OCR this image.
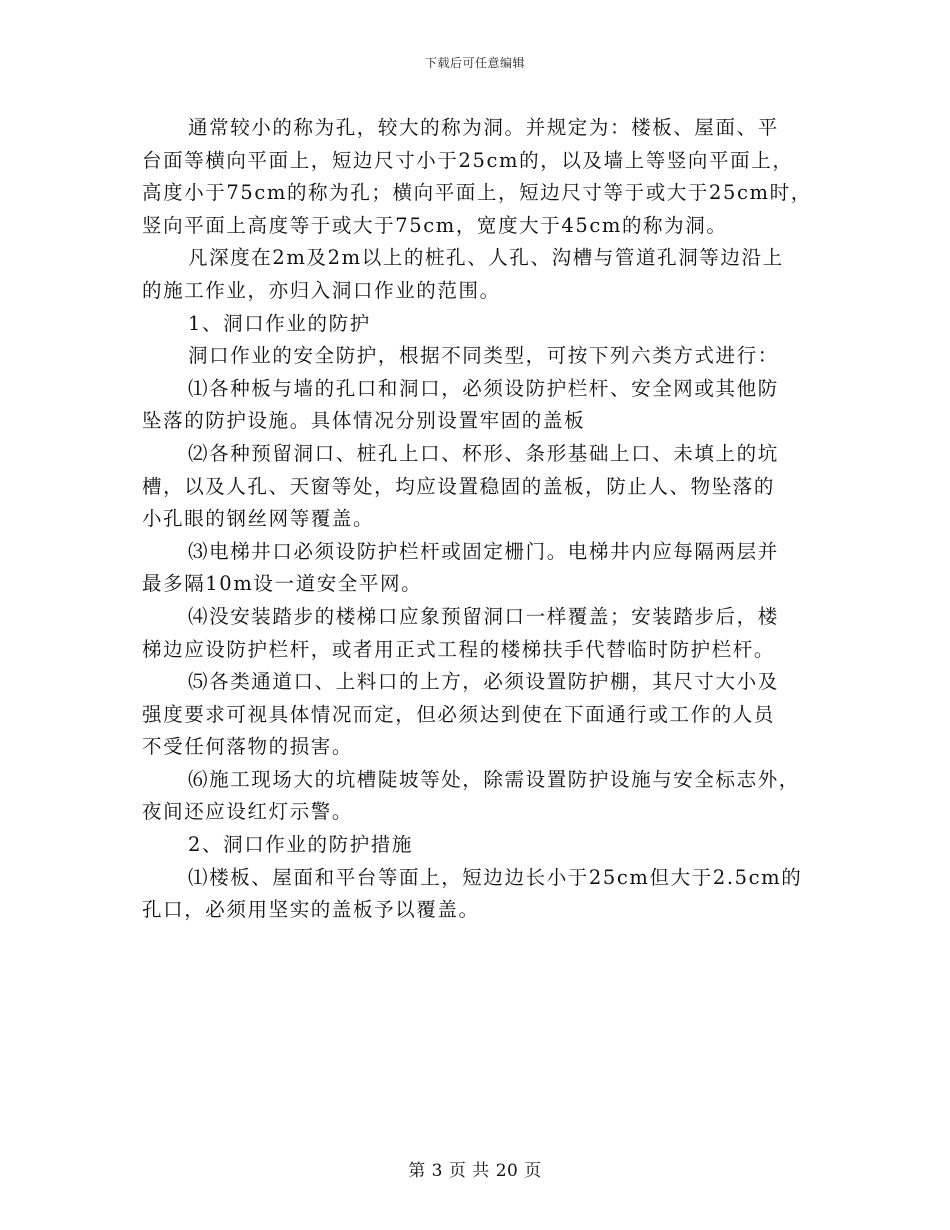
下载后可任意编辑
通常较小的称为孔，较大的称为洞。并规定为：楼板、屋面、平
台面等横向平面上，短边尺寸小于25cm的，以及墙上等竖向平面上，
高度小于75cm的称为孔；横向平面上，短边尺寸等于或大于25cm时，
竖向平面上高度等于或大于75cm，宽度大于45cm的称为洞。
凡深度在2m及2m以上的桩孔、人孔、沟槽与管道孔洞等边沿上
的施工作业，亦归入洞口作业的范围。
1、洞口作业的防护
洞口作业的安全防护，根据不同类型，可按下列六类方式进行：
⑴各种板与墙的孔口和洞口，必须设防护栏杆、安全网或其他防
坠落的防护设施。具体情况分别设置牢固的盖板
⑵各种预留洞口、桩孔上口、杯形、条形基础上口、未填上的坑
槽，以及人孔、天窗等处，均应设置稳固的盖板，防止人、物坠落的
小孔眼的钢丝网等覆盖。
⑶电梯井口必须设防护栏杆或固定栅门。电梯井内应每隔两层并
最多隔10m设一道安全平网。
⑷没安装踏步的楼梯口应象预留洞口一样覆盖；安装踏步后，楼
梯边应设防护栏杆，或者用正式工程的楼梯扶手代替临时防护栏杆。
⑸各类通道口、上料口的上方，必须设置防护棚，其尺寸大小及
强度要求可视具体情况而定，但必须达到使在下面通行或工作的人员
不受任何落物的损害。
⑹施工现场大的坑槽陡坡等处，除需设置防护设施与安全标志外，
夜间还应设红灯示警。
2、洞口作业的防护措施
⑴楼板、屋面和平台等面上，短边边长小于25cm但大于2.5cm的
孔口，必须用坚实的盖板予以覆盖。
第 3 页 共 20 页
